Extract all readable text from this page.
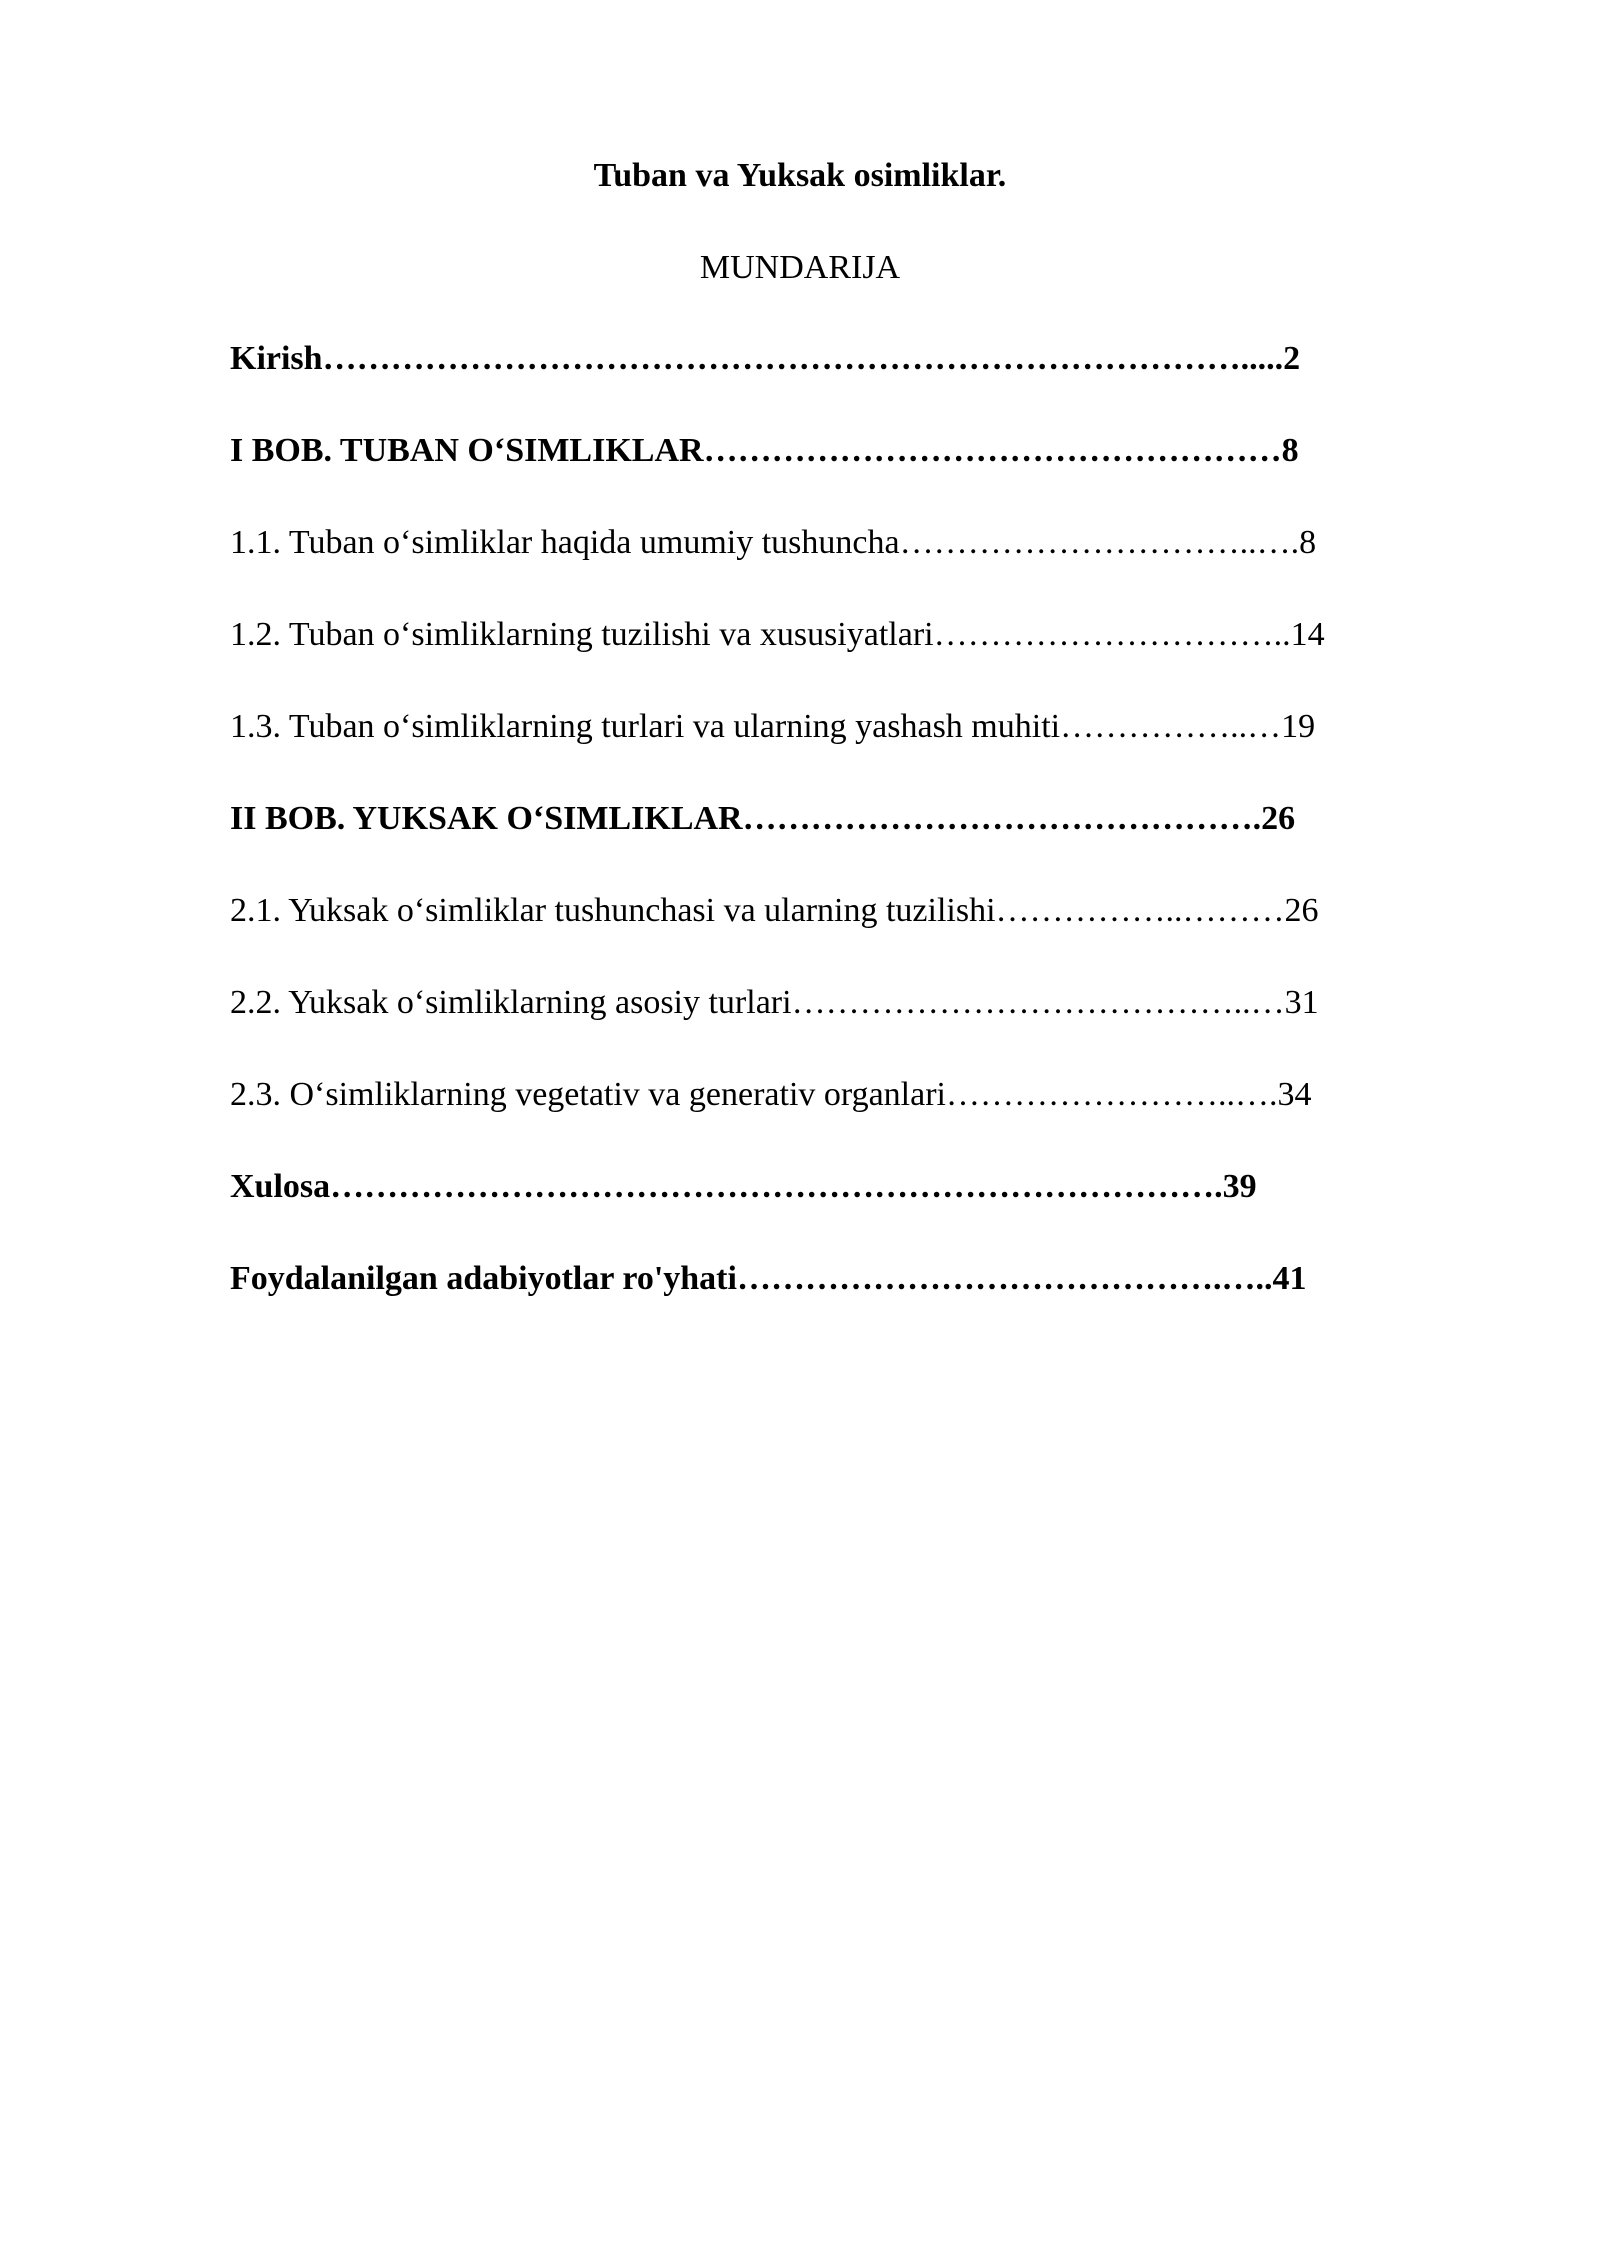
Tuban va Yuksak osimliklar.
MUNDARIJA
Kirish……………………………………………………………………….....2
I BOB. TUBAN O‘SIMLIKLAR……………………………………………8
1.1. Tuban o‘simliklar haqida umumiy tushuncha…………………………..….8
1.2. Tuban o‘simliklarning tuzilishi va xususiyatlari…………………………..14
1.3. Tuban o‘simliklarning turlari va ularning yashash muhiti……………..…19
II BOB. YUKSAK O‘SIMLIKLAR……………………………………….26
2.1. Yuksak o‘simliklar tushunchasi va ularning tuzilishi……………..………26
2.2. Yuksak o‘simliklarning asosiy turlari…………………………………..…31
2.3. O‘simliklarning vegetativ va generativ organlari……………………..….34
Xulosa…………………………………………………………………….39
Foydalanilgan adabiyotlar ro'yhati…………………………………….…..41
